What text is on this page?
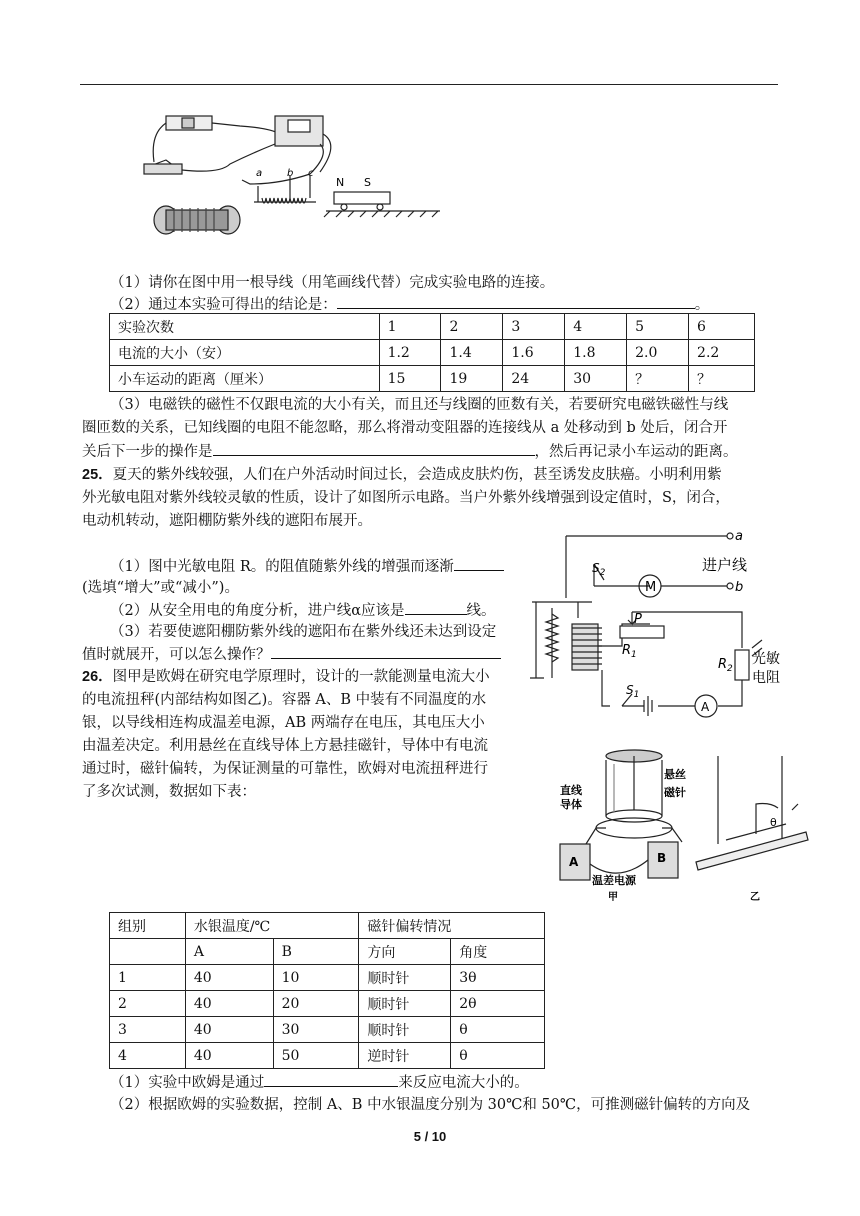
a b c
N S
（1）请你在图中用一根导线（用笔画线代替）完成实验电路的连接。
（2）通过本实验可得出的结论是：	。
实验次数	1	2	3	4	5	6
电流的大小（安）	1.2	1.4	1.6	1.8	2.0	2.2
小车运动的距离（厘米）	15	19	24	30	？	？
（3）电磁铁的磁性不仅跟电流的大小有关，而且还与线圈的匝数有关，若要研究电磁铁磁性与线
圈匝数的关系，已知线圈的电阻不能忽略，那么将滑动变阻器的连接线从 a 处移动到 b 处后，闭合开
关后下一步的操作是	，然后再记录小车运动的距离。
25．夏天的紫外线较强，人们在户外活动时间过长，会造成皮肤灼伤，甚至诱发皮肤癌。小明利用紫
外光敏电阻对紫外线较灵敏的性质，设计了如图所示电路。当户外紫外线增强到设定值时，S，闭合，
电动机转动，遮阳棚防紫外线的遮阳布展开。
（1）图中光敏电阻 R。的阻值随紫外线的增强而逐渐
(选填“增大”或“减小”)。
（2）从安全用电的角度分析，进户线α应该是	线。
（3）若要使遮阳棚防紫外线的遮阳布在紫外线还未达到设定
值时就展开，可以怎么操作？
a
b
进户线
$S_2$
M
P
$R_1$
$R_2$
光敏
电阻
$S_1$
A
26．图甲是欧姆在研究电学原理时，设计的一款能测量电流大小
的电流扭秤(内部结构如图乙)。容器 A、B 中装有不同温度的水
银，以导线相连构成温差电源，AB 两端存在电压，其电压大小
由温差决定。利用悬丝在直线导体上方悬挂磁针，导体中有电流
通过时，磁针偏转，为保证测量的可靠性，欧姆对电流扭秤进行
了多次试测，数据如下表：	直线
导体
悬丝
磁针
A	B
温差电源
甲	乙
θ
组别	水银温度/℃		磁针偏转情况	
	A	B	方向	角度
1	40	10	顺时针	3θ
2	40	20	顺时针	2θ
3	40	30	顺时针	θ
4	40	50	逆时针	θ
（1）实验中欧姆是通过	来反应电流大小的。
（2）根据欧姆的实验数据，控制 A、B 中水银温度分别为 30℃和 50℃，可推测磁针偏转的方向及
5 / 10
